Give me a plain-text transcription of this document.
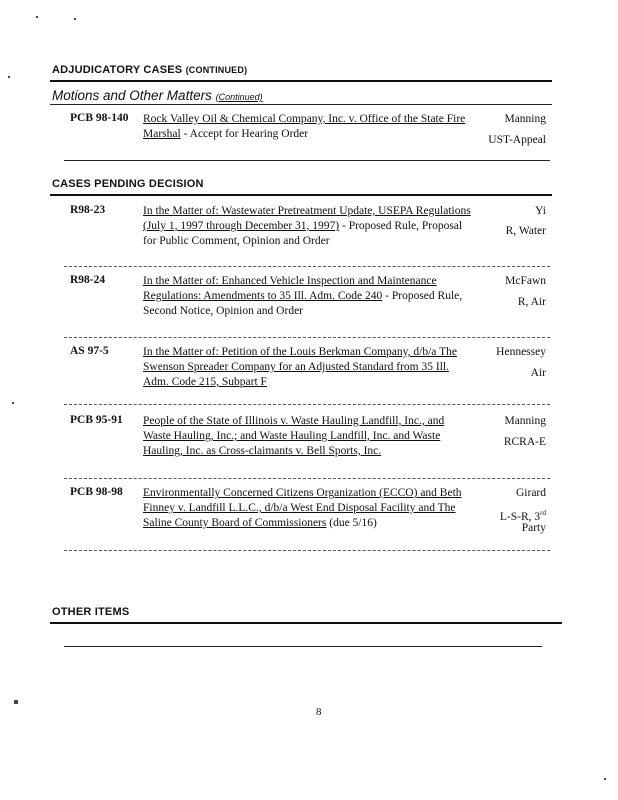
ADJUDICATORY CASES (CONTINUED)
Motions and Other Matters (Continued)
PCB 98-140 Rock Valley Oil & Chemical Company, Inc. v. Office of the State Fire Marshal - Accept for Hearing Order
Manning
UST-Appeal
CASES PENDING DECISION
R98-23	In the Matter of: Wastewater Pretreatment Update, USEPA Regulations (July 1, 1997 through December 31, 1997) - Proposed Rule, Proposal for Public Comment, Opinion and Order
Yi
R, Water
R98-24	In the Matter of: Enhanced Vehicle Inspection and Maintenance Regulations: Amendments to 35 Ill. Adm. Code 240 - Proposed Rule, Second Notice, Opinion and Order
McFawn
R, Air
AS 97-5	In the Matter of: Petition of the Louis Berkman Company, d/b/a The Swenson Spreader Company for an Adjusted Standard from 35 Ill. Adm. Code 215, Subpart F
Hennessey
Air
PCB 95-91 People of the State of Illinois v. Waste Hauling Landfill, Inc., and Waste Hauling, Inc.; and Waste Hauling Landfill, Inc. and Waste Hauling, Inc. as Cross-claimants v. Bell Sports, Inc.
Manning
RCRA-E
PCB 98-98 Environmentally Concerned Citizens Organization (ECCO) and Beth Finney v. Landfill L.L.C., d/b/a West End Disposal Facility and The Saline County Board of Commissioners (due 5/16)
Girard
L-S-R, 3rd
Party
OTHER ITEMS
8
